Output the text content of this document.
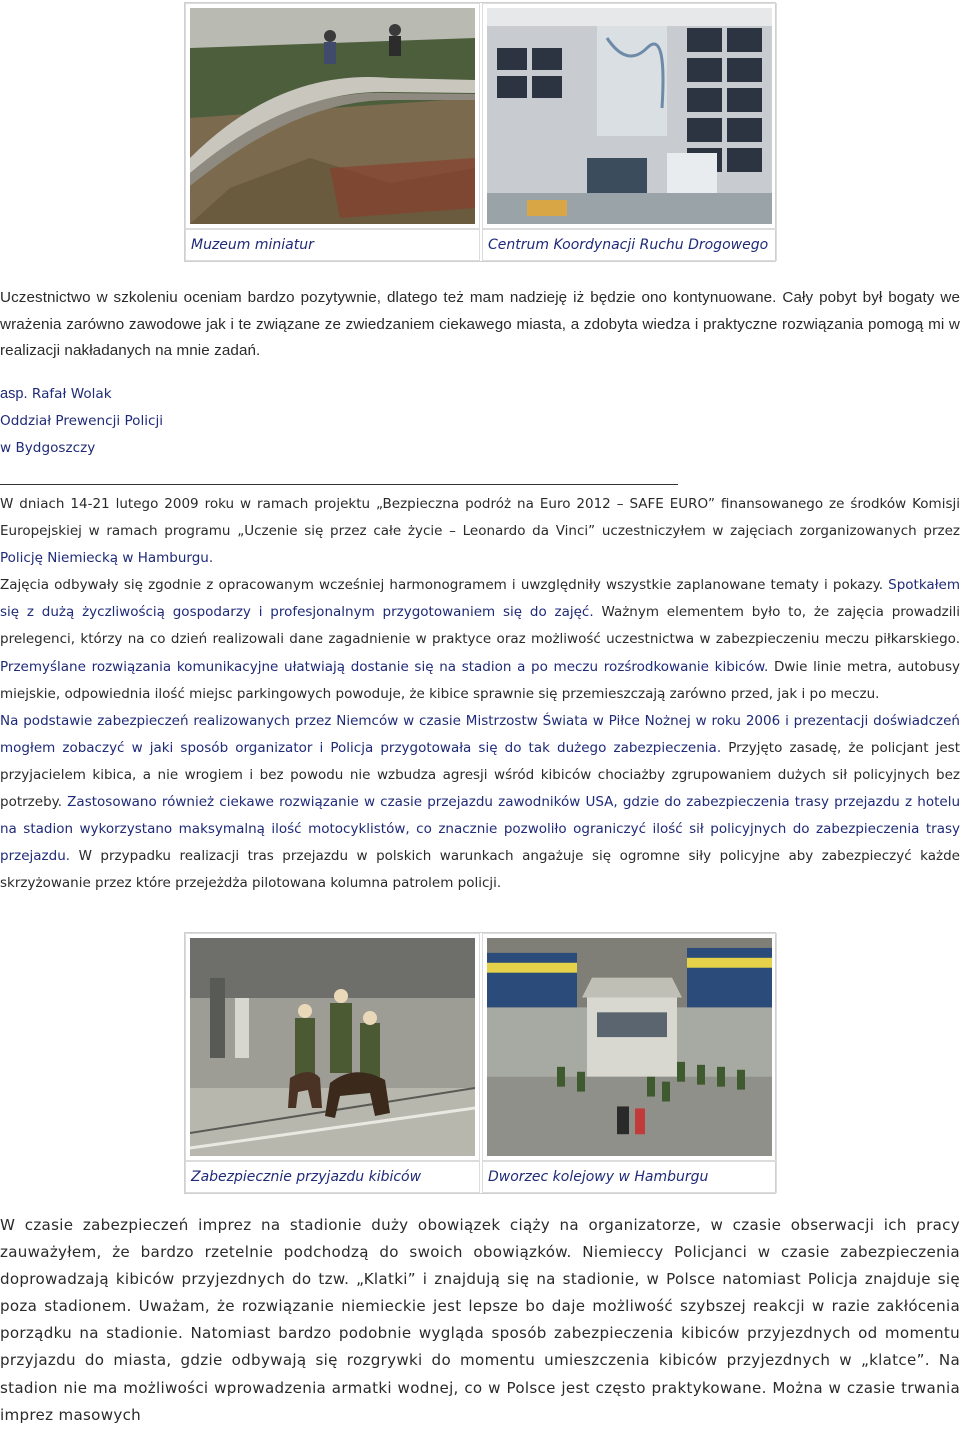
Muzeum miniatur	Centrum Koordynacji Ruchu Drogowego

Uczestnictwo w szkoleniu oceniam bardzo pozytywnie, dlatego też mam nadzieję iż będzie ono kontynuowane. Cały pobyt był bogaty we wrażenia zarówno zawodowe jak i te związane ze zwiedzaniem ciekawego miasta, a zdobyta wiedza i praktyczne rozwiązania pomogą mi w realizacji nakładanych na mnie zadań.

asp. Rafał Wolak
Oddział Prewencji Policji
w Bydgoszczy

W dniach 14-21 lutego 2009 roku w ramach projektu „Bezpieczna podróż na Euro 2012 – SAFE EURO” finansowanego ze środków Komisji Europejskiej w ramach programu „Uczenie się przez całe życie – Leonardo da Vinci” uczestniczyłem w zajęciach zorganizowanych przez Policję Niemiecką w Hamburgu.

Zajęcia odbywały się zgodnie z opracowanym wcześniej harmonogramem i uwzględniły wszystkie zaplanowane tematy i pokazy. Spotkałem się z dużą życzliwością gospodarzy i profesjonalnym przygotowaniem się do zajęć. Ważnym elementem było to, że zajęcia prowadzili prelegenci, którzy na co dzień realizowali dane zagadnienie w praktyce oraz możliwość uczestnictwa w zabezpieczeniu meczu piłkarskiego. Przemyślane rozwiązania komunikacyjne ułatwiają dostanie się na stadion a po meczu rozśrodkowanie kibiców. Dwie linie metra, autobusy miejskie, odpowiednia ilość miejsc parkingowych powoduje, że kibice sprawnie się przemieszczają zarówno przed, jak i po meczu.

Na podstawie zabezpieczeń realizowanych przez Niemców w czasie Mistrzostw Świata w Piłce Nożnej w roku 2006 i prezentacji doświadczeń mogłem zobaczyć w jaki sposób organizator i Policja przygotowała się do tak dużego zabezpieczenia. Przyjęto zasadę, że policjant jest przyjacielem kibica, a nie wrogiem i bez powodu nie wzbudza agresji wśród kibiców chociażby zgrupowaniem dużych sił policyjnych bez potrzeby. Zastosowano również ciekawe rozwiązanie w czasie przejazdu zawodników USA, gdzie do zabezpieczenia trasy przejazdu z hotelu na stadion wykorzystano maksymalną ilość motocyklistów, co znacznie pozwoliło ograniczyć ilość sił policyjnych do zabezpieczenia trasy przejazdu. W przypadku realizacji tras przejazdu w polskich warunkach angażuje się ogromne siły policyjne aby zabezpieczyć każde skrzyżowanie przez które przejeżdża pilotowana kolumna patrolem policji.

Zabezpiecznie przyjazdu kibiców	Dworzec kolejowy w Hamburgu

W czasie zabezpieczeń imprez na stadionie duży obowiązek ciąży na organizatorze, w czasie obserwacji ich pracy zauważyłem, że bardzo rzetelnie podchodzą do swoich obowiązków. Niemieccy Policjanci w czasie zabezpieczenia doprowadzają kibiców przyjezdnych do tzw. „Klatki” i znajdują się na stadionie, w Polsce natomiast Policja znajduje się poza stadionem. Uważam, że rozwiązanie niemieckie jest lepsze bo daje możliwość szybszej reakcji w razie zakłócenia porządku na stadionie. Natomiast bardzo podobnie wygląda sposób zabezpieczenia kibiców przyjezdnych od momentu przyjazdu do miasta, gdzie odbywają się rozgrywki do momentu umieszczenia kibiców przyjezdnych w „klatce”. Na stadion nie ma możliwości wprowadzenia armatki wodnej, co w Polsce jest często praktykowane. Można w czasie trwania imprez masowych
